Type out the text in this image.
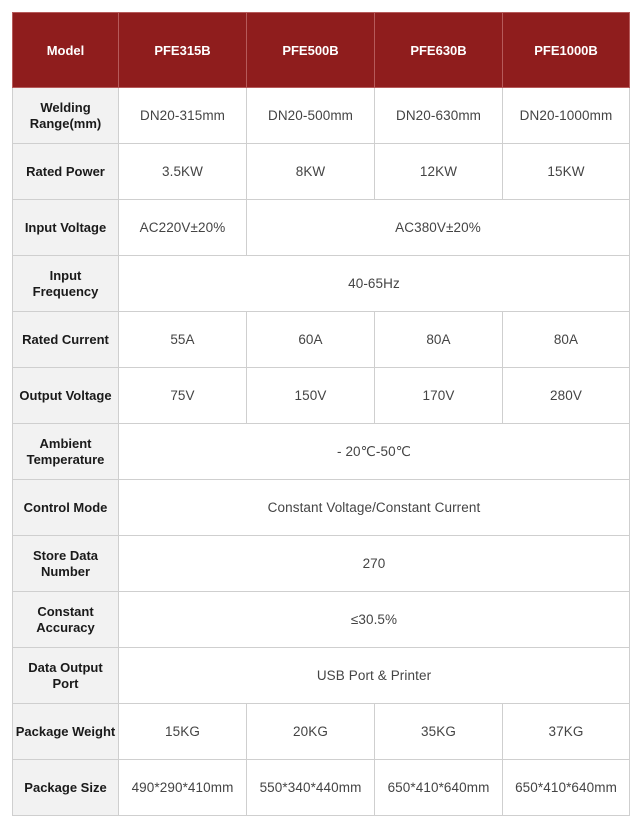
Model	PFE315B	PFE500B	PFE630B	PFE1000B
Welding Range(mm)	DN20-315mm	DN20-500mm	DN20-630mm	DN20-1000mm
Rated Power	3.5KW	8KW	12KW	15KW
Input Voltage	AC220V±20%	AC380V±20%		
Input Frequency	40-65Hz			
Rated Current	55A	60A	80A	80A
Output Voltage	75V	150V	170V	280V
Ambient Temperature	- 20℃-50℃			
Control Mode	Constant Voltage/Constant Current			
Store Data Number	270			
Constant Accuracy	≤30.5%			
Data Output Port	USB Port & Printer			
Package Weight	15KG	20KG	35KG	37KG
Package Size	490*290*410mm	550*340*440mm	650*410*640mm	650*410*640mm
